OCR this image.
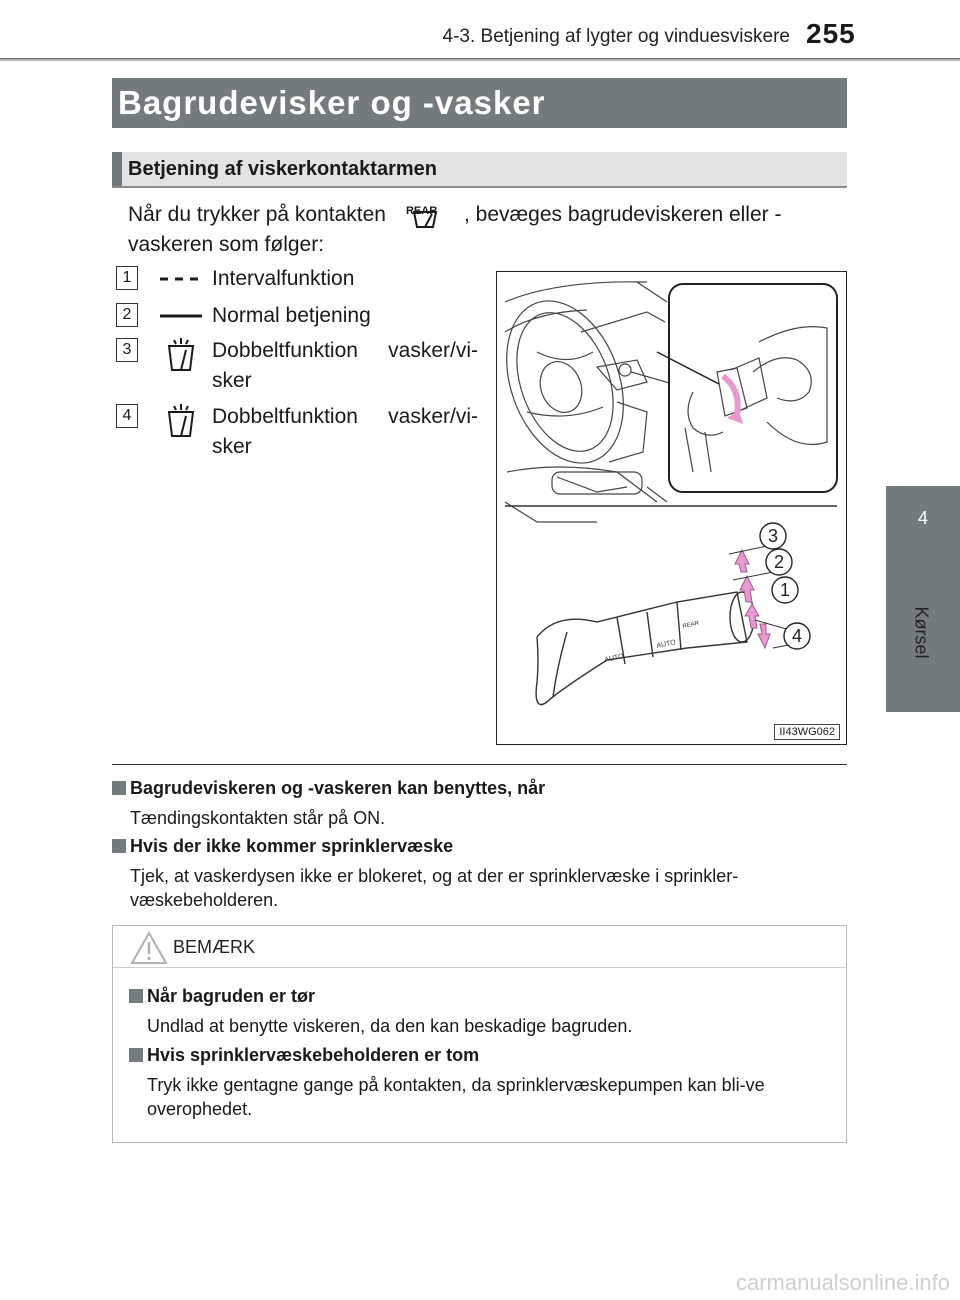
4-3. Betjening af lygter og vinduesviskere 255
4
Kørsel
Bagrudevisker og -vasker
Betjening af viskerkontaktarmen
Når du trykker på kontakten REAR , bevæges bagrudeviskeren eller -
vaskeren som følger:
1	Intervalfunktion
2	Normal betjening
3	Dobbeltfunktion vasker/vi-sker
4	Dobbeltfunktion vasker/vi-sker
AUTO
AUTO
REAR
3
2
1
4
II43WG062
Bagrudeviskeren og -vaskeren kan benyttes, når
Tændingskontakten står på ON.
Hvis der ikke kommer sprinklervæske
Tjek, at vaskerdysen ikke er blokeret, og at der er sprinklervæske i sprinkler-væskebeholderen.
BEMÆRK
Når bagruden er tør
Undlad at benytte viskeren, da den kan beskadige bagruden.
Hvis sprinklervæskebeholderen er tom
Tryk ikke gentagne gange på kontakten, da sprinklervæskepumpen kan bli-ve overophedet.
carmanualsonline.info
